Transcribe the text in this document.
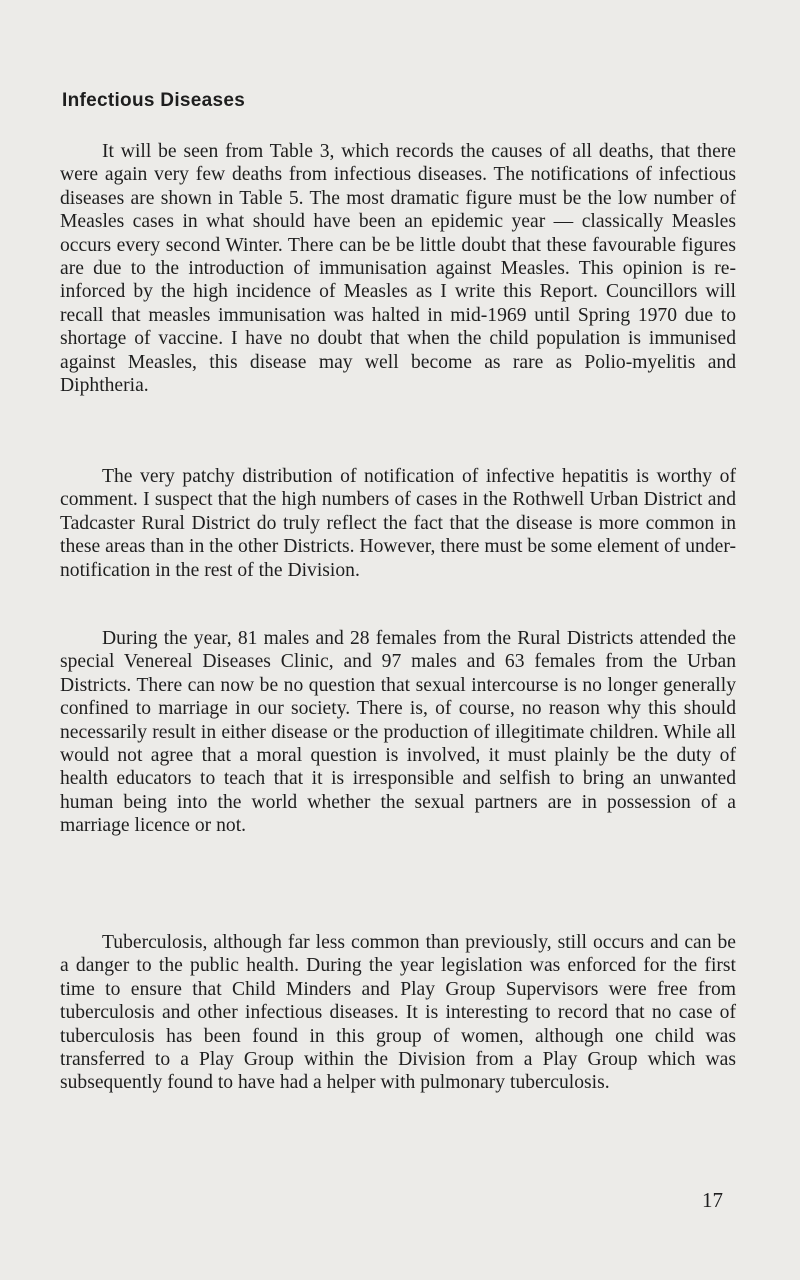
Infectious Diseases

It will be seen from Table 3, which records the causes of all deaths, that there were again very few deaths from infectious diseases. The notifications of infectious diseases are shown in Table 5. The most dramatic figure must be the low number of Measles cases in what should have been an epidemic year — classically Measles occurs every second Winter. There can be be little doubt that these favourable figures are due to the introduction of immunisation against Measles. This opinion is re-inforced by the high incidence of Measles as I write this Report. Councillors will recall that measles immunisation was halted in mid-1969 until Spring 1970 due to shortage of vaccine. I have no doubt that when the child population is immunised against Measles, this disease may well become as rare as Polio-myelitis and Diphtheria.

The very patchy distribution of notification of infective hepatitis is worthy of comment. I suspect that the high numbers of cases in the Rothwell Urban District and Tadcaster Rural District do truly reflect the fact that the disease is more common in these areas than in the other Districts. However, there must be some element of under-notification in the rest of the Division.

During the year, 81 males and 28 females from the Rural Districts attended the special Venereal Diseases Clinic, and 97 males and 63 females from the Urban Districts. There can now be no question that sexual intercourse is no longer generally confined to marriage in our society. There is, of course, no reason why this should necessarily result in either disease or the production of illegitimate children. While all would not agree that a moral question is involved, it must plainly be the duty of health educators to teach that it is irresponsible and selfish to bring an unwanted human being into the world whether the sexual partners are in possession of a marriage licence or not.

Tuberculosis, although far less common than previously, still occurs and can be a danger to the public health. During the year legislation was enforced for the first time to ensure that Child Minders and Play Group Supervisors were free from tuberculosis and other infectious diseases. It is interesting to record that no case of tuberculosis has been found in this group of women, although one child was transferred to a Play Group within the Division from a Play Group which was subsequently found to have had a helper with pulmonary tuberculosis.

17
